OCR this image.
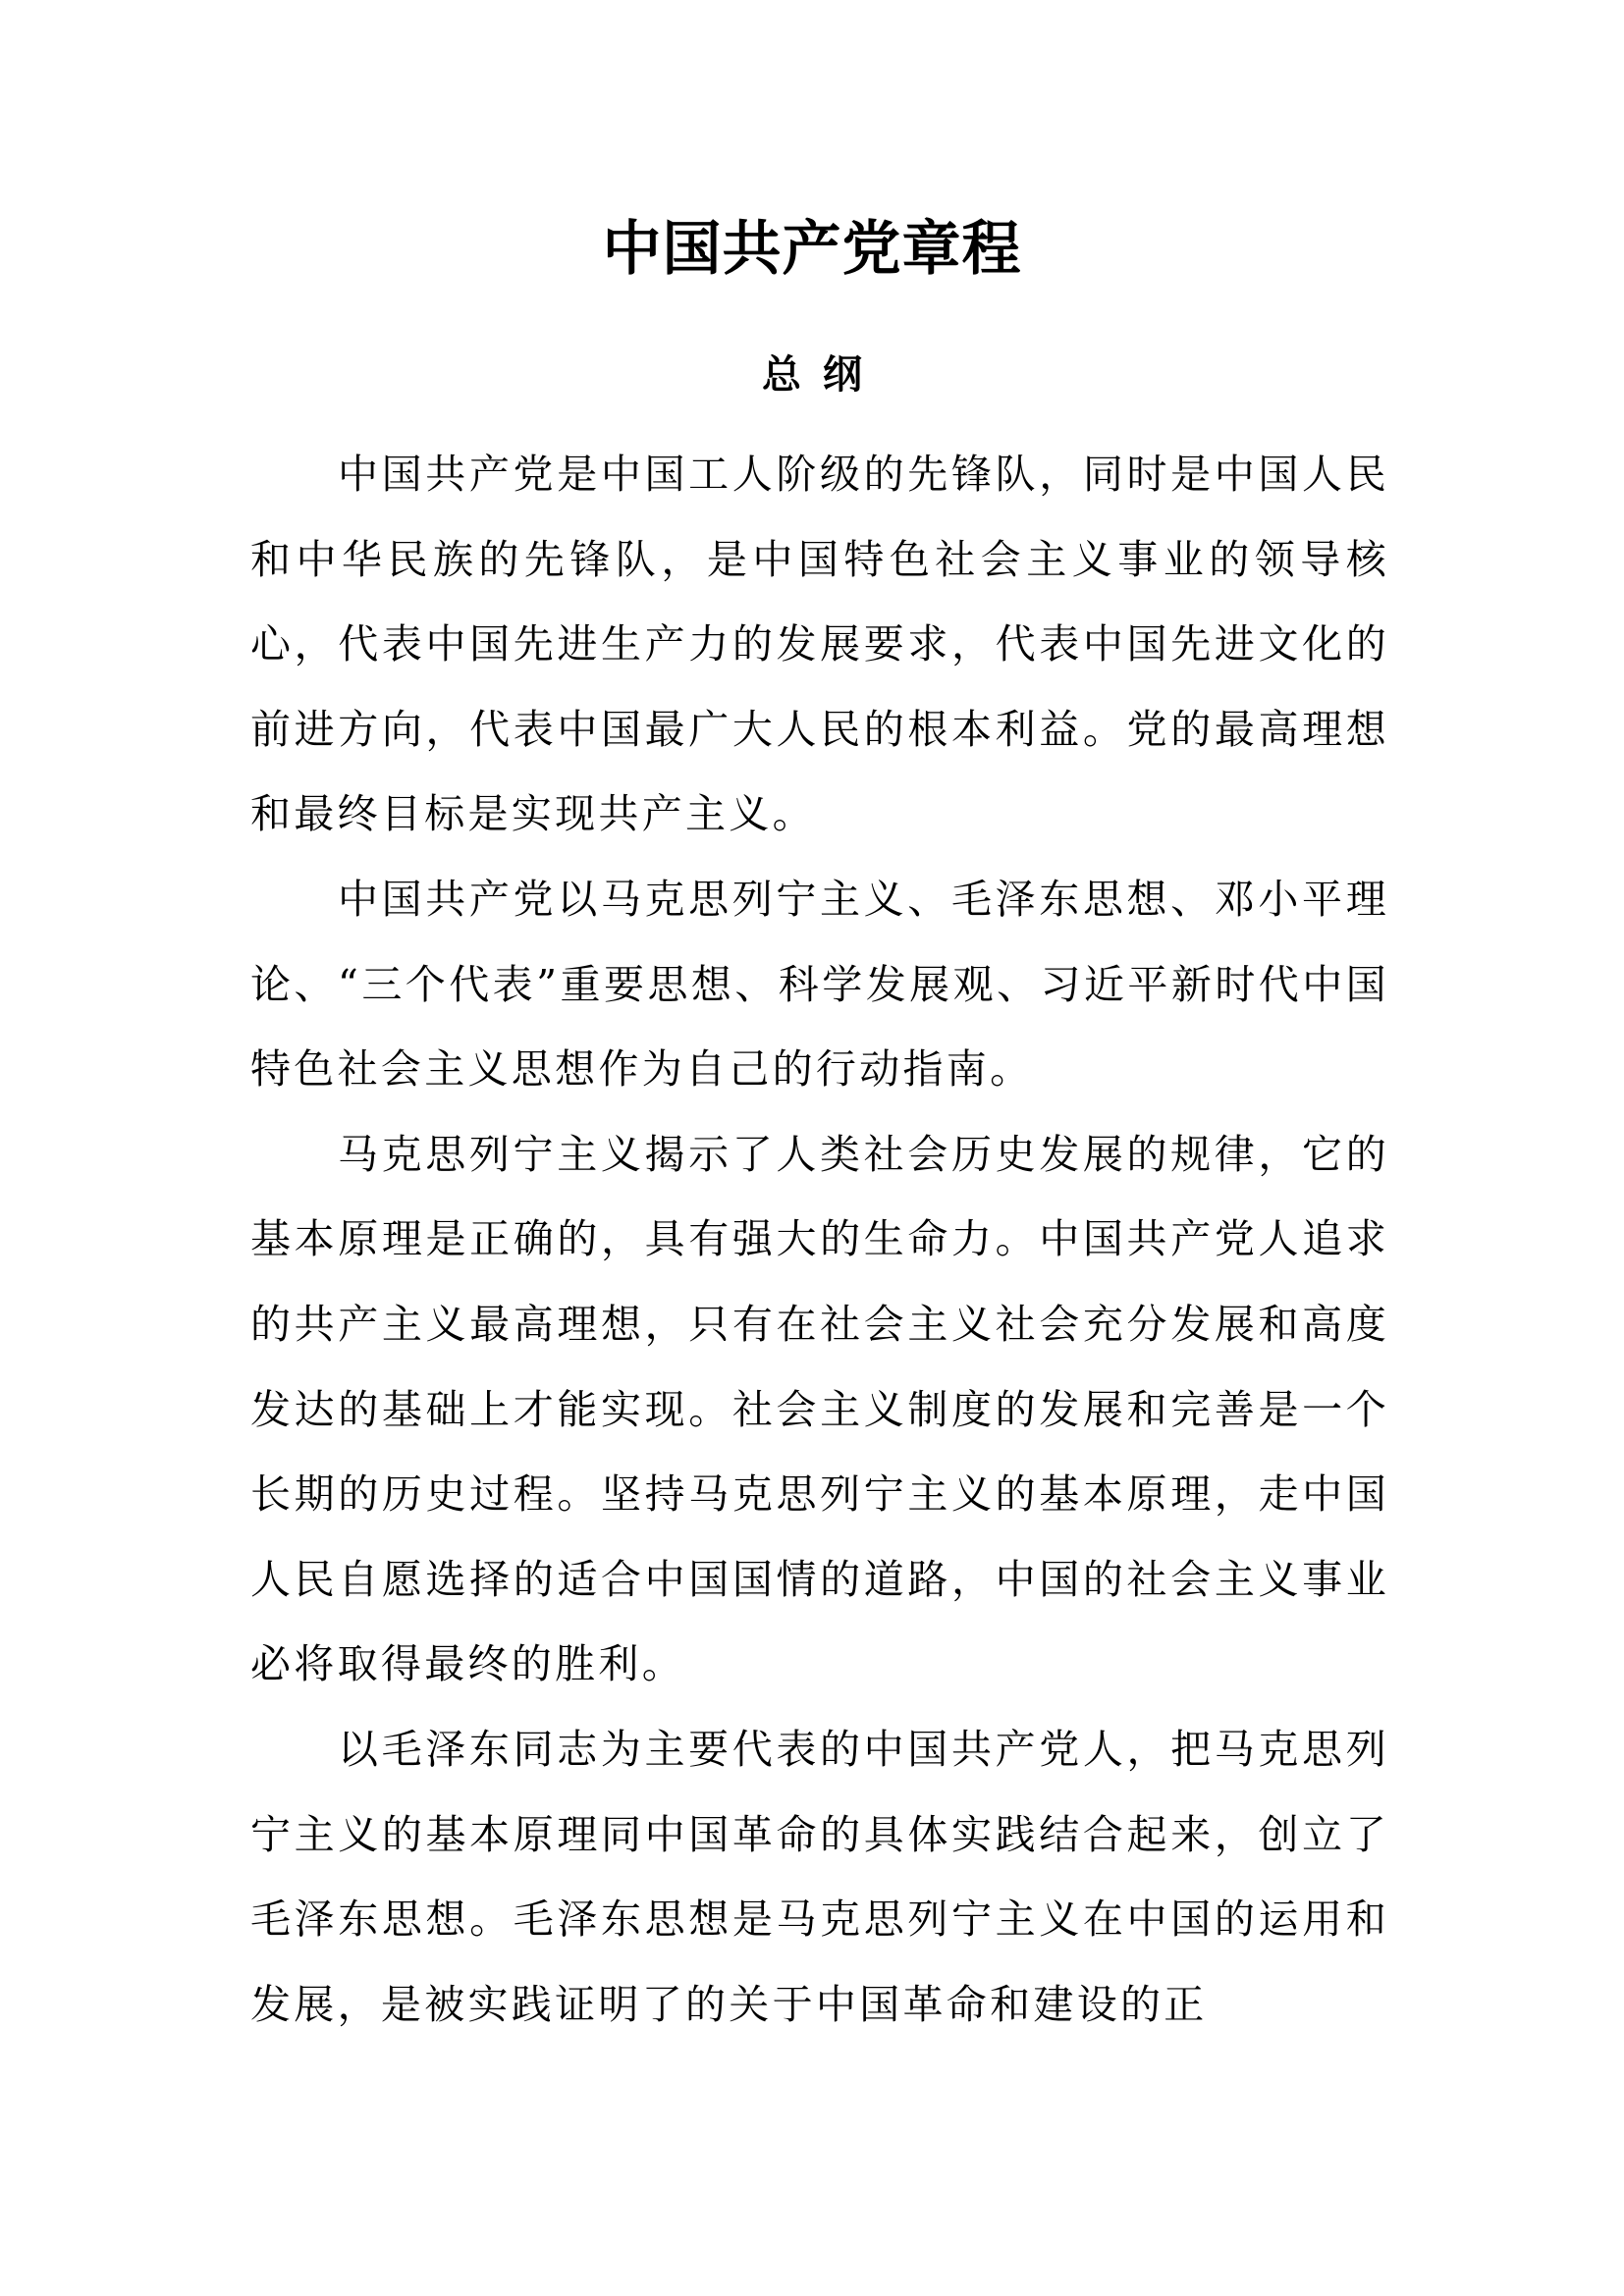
中国共产党章程
总 纲

中国共产党是中国工人阶级的先锋队，同时是中国人民和中华民族的先锋队，是中国特色社会主义事业的领导核心，代表中国先进生产力的发展要求，代表中国先进文化的前进方向，代表中国最广大人民的根本利益。党的最高理想和最终目标是实现共产主义。

中国共产党以马克思列宁主义、毛泽东思想、邓小平理论、“三个代表”重要思想、科学发展观、习近平新时代中国特色社会主义思想作为自己的行动指南。

马克思列宁主义揭示了人类社会历史发展的规律，它的基本原理是正确的，具有强大的生命力。中国共产党人追求的共产主义最高理想，只有在社会主义社会充分发展和高度发达的基础上才能实现。社会主义制度的发展和完善是一个长期的历史过程。坚持马克思列宁主义的基本原理，走中国人民自愿选择的适合中国国情的道路，中国的社会主义事业必将取得最终的胜利。

以毛泽东同志为主要代表的中国共产党人，把马克思列宁主义的基本原理同中国革命的具体实践结合起来，创立了毛泽东思想。毛泽东思想是马克思列宁主义在中国的运用和发展，是被实践证明了的关于中国革命和建设的正
